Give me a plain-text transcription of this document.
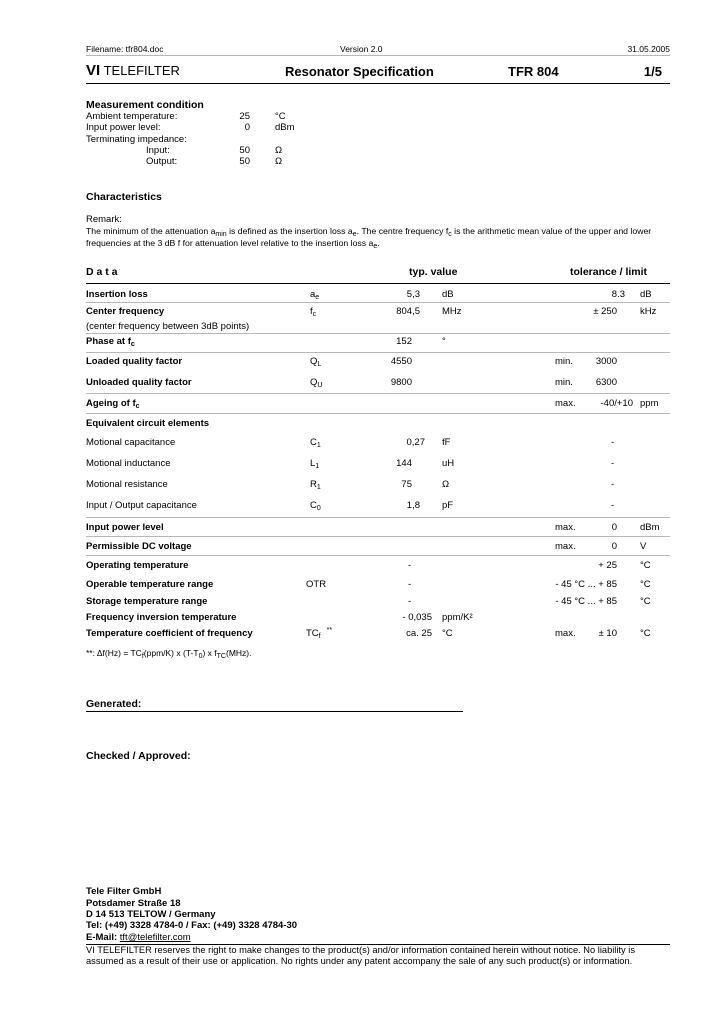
Filename: tfr804.doc	Version 2.0	31.05.2005
VI TELEFILTER	Resonator Specification	TFR 804	1/5
Measurement condition
Ambient temperature:	25	°C
Input power level:	0	dBm
Terminating impedance:
Input:	50	Ω
Output:	50	Ω
Characteristics
Remark:
The minimum of the attenuation $a_{min}$ is defined as the insertion loss $a_e$. The centre frequency $f_c$ is the arithmetic mean value of the upper and lower
frequencies at the 3 dB f for attenuation level relative to the insertion loss $a_e$.
D a t a	typ. value	tolerance / limit
Insertion loss	$a_e$	5,3 dB	8.3 dB
Center frequency	$f_c$	804,5 MHz	± 250 kHz
(center frequency between 3dB points)
Phase at $f_c$	152	°
Loaded quality factor	$Q_L$	4550	min.	3000
Unloaded quality factor	$Q_U$	9800	min.	6300
Ageing of $f_c$	max.	-40/+10 ppm
Equivalent circuit elements
Motional capacitance	$C_1$	0,27 fF	-
Motional inductance	$L_1$	144	uH	-
Motional resistance	$R_1$	75	Ω	-
Input / Output capacitance	$C_0$	1,8 pF	-
Input power level	max.	0 dBm
Permissible DC voltage	max.	0 V
Operating temperature	-	+ 25 °C
Operable temperature range	OTR	-	- 45 °C ... + 85 °C
Storage temperature range	-	- 45 °C ... + 85 °C
Frequency inversion temperature	- 0,035 ppm/K²
Temperature coefficient of frequency	$TC_f^{**}$	ca. 25 °C	max.	± 10 °C
**: $\Delta f(Hz) = TC_f(ppm/K)$ x $(T-T_0)$ x $f_{TC}(MHz)$.
Generated:
Checked / Approved:
Tele Filter GmbH
Potsdamer Straße 18
D 14 513 TELTOW / Germany
Tel: (+49) 3328 4784-0 / Fax: (+49) 3328 4784-30
E-Mail: tft@telefilter.com
VI TELEFILTER reserves the right to make changes to the product(s) and/or information contained herein without notice. No liability is
assumed as a result of their use or application. No rights under any patent accompany the sale of any such product(s) or information.
